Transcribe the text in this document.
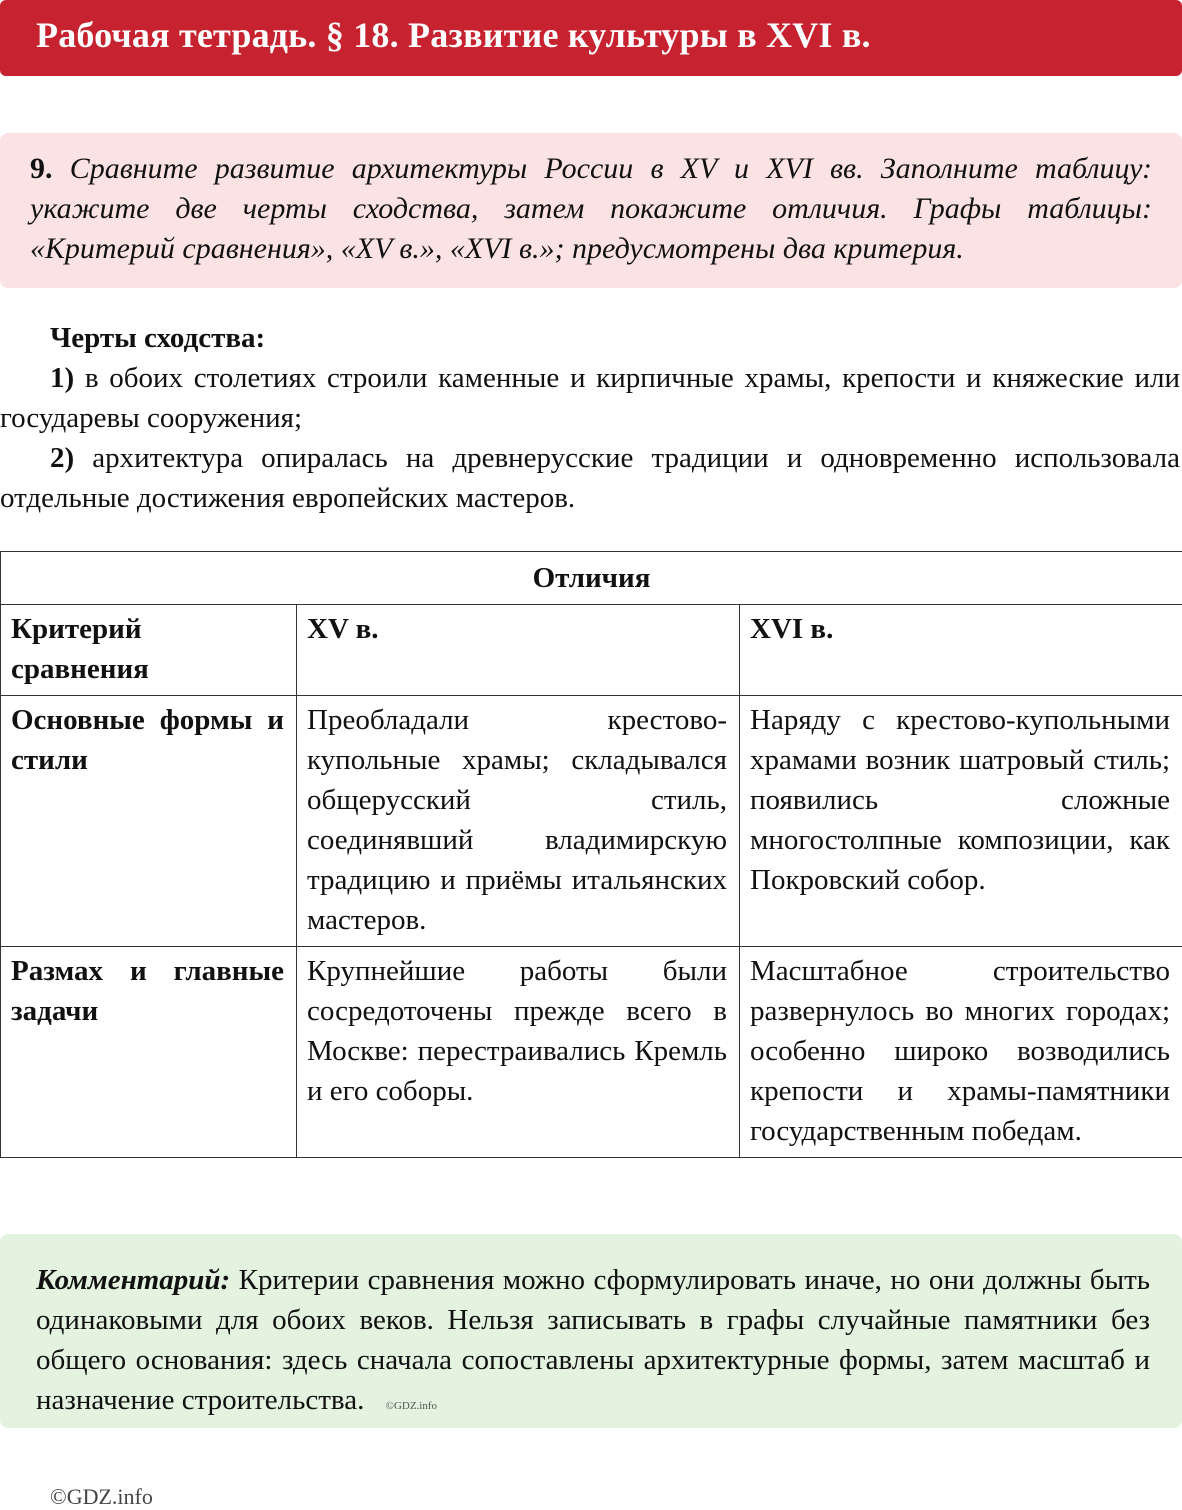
Рабочая тетрадь. § 18. Развитие культуры в XVI в.

9. Сравните развитие архитектуры России в XV и XVI вв. Заполните таблицу: укажите две черты сходства, затем покажите отличия. Графы таблицы: «Критерий сравнения», «XV в.», «XVI в.»; предусмотрены два критерия.

Черты сходства:

1) в обоих столетиях строили каменные и кирпичные храмы, крепости и княжеские или государевы сооружения;

2) архитектура опиралась на древнерусские традиции и одновременно использовала отдельные достижения европейских мастеров.

Отличия		
Критерий сравнения	XV в.	XVI в.
Основные формы и стили	Преобладали крестово-купольные храмы; складывался общерусский стиль, соединявший владимирскую традицию и приёмы итальянских мастеров.	Наряду с крестово-купольными храмами возник шатровый стиль; появились сложные многостолпные композиции, как Покровский собор.
Размах и главные задачи	Крупнейшие работы были сосредоточены прежде всего в Москве: перестраивались Кремль и его соборы.	Масштабное строительство развернулось во многих городах; особенно широко возводились крепости и храмы-памятники государственным победам.

Комментарий: Критерии сравнения можно сформулировать иначе, но они должны быть одинаковыми для обоих веков. Нельзя записывать в графы случайные памятники без общего основания: здесь сначала сопоставлены архитектурные формы, затем масштаб и назначение строительства. ©GDZ.info

©GDZ.info
